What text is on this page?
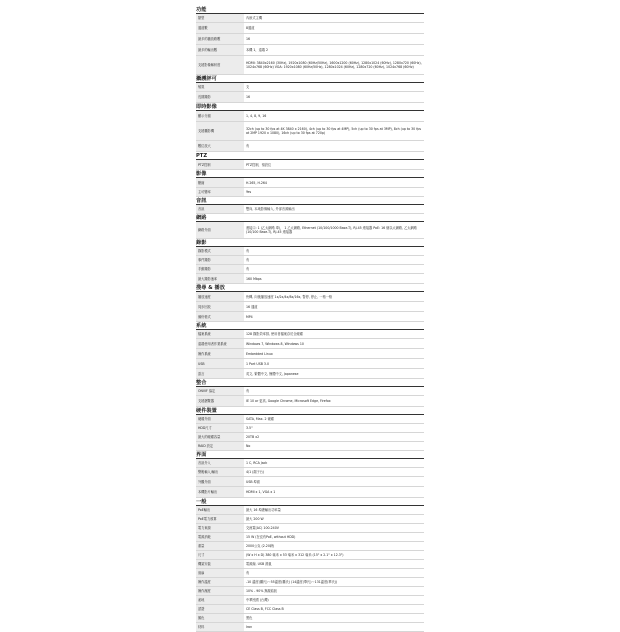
功能
類型	內嵌式主機
通道數	8通道
最多的播放路數	16
最多的輸出數	本機 1，遠端 2
支援影像解析度	HDMI: 3840x2160 (30Hz), 1920x1080 (60Hz/50Hz), 1600x1200 (60Hz), 1280x1024 (60Hz), 1280x720 (60Hz), 1024x768 (60Hz) VGA: 1920x1080 (60Hz/50Hz), 1280x1024 (60Hz), 1280x720 (60Hz), 1024x768 (60Hz)
攝護評可
頻寬	支
長期錄影	16
即時影像
顯示分割	1, 4, 8, 9, 16
支援攝影機	32ch (up to 30 fps at 4K 3840 x 2160), 4ch (up to 30 fps at 4MP), 5ch (up to 30 fps at 3MP), 8ch (up to 30 fps at 2MP 1920 x 1080), 16ch (up to 30 fps at 720p)
數位放大	有
PTZ
PTZ控制	PTZ控制，預設位
影像
壓縮	H.265, H.264
主可變率	Yes
音訊
音訊	雙向, 本地影像輸入, 外部音源輸出
網路
網路介面	連接口: 1 (乙太網路 埠)， 1 乙太網路, Ethernet (10/100/1000 Base-T), RJ-45 連接器 PoE: 16 個以太網路, 乙太網路 (10/100 Base-T), RJ-45 連接器
錄影
錄影模式	有
事件錄影	有
手動錄影	有
最大錄影速率	160 Mbps
搜尋 & 播放
播放速度	快轉, 向後播放速度 1x/2x/4x/8x/16x, 暫停, 停止, 一格一格
同步回放	16 通道
備份格式	MP4
系統
檔案系統	128 錄影效率排, 使用者檔案存於全硬碟
遠端使用者作業系統	Windows 7, Windows 8, Windows 10
操作系統	Embedded Linux
USB	1 Port USB 3.0
語言	英文, 繁體中文, 簡體中文, Japanese
整合
ONVIF 協定	有
支援瀏覽器	IE 10 or 更高, Google Chrome, Microsoft Edge, Firefox
硬件裝置
硬碟介面	SATA, Max. 2 硬碟
HDD尺寸	3.5"
最大的硬碟容量	20TB x2
RAID 設定	No
界面
音訊介入	1 C, RCA Jack
警報輸入/輸出	4/1 (端子台)
外觀介面	USB 埠面
本機影片輸出	HDMI x 1, VGA x 1
一般
PoE輸出	最大 16 埠總輸出功率量
PoE電力預算	最大 200 W
電力來源	交流電(AC) 100-240V
電源消耗	15 W (在沒有PoE, without HDD)
重量	2000公克 (2.20磅)
尺寸	(W x H x D) 380 毫米 x 53 毫米 x 312 毫米 (15" x 2.1" x 12.3")
機架安裝	電源線, USB 滑鼠
風扇	有
操作溫度	-10 溫度(攝氏)～55溫度(攝氏) (14溫度(華氏)～131溫度(華氏))
操作濕度	10% - 90% 無凝結狀
產地	中華民國 (台灣)
認證	CE Class B, FCC Class B
顏色	黑色
材料	Iron
